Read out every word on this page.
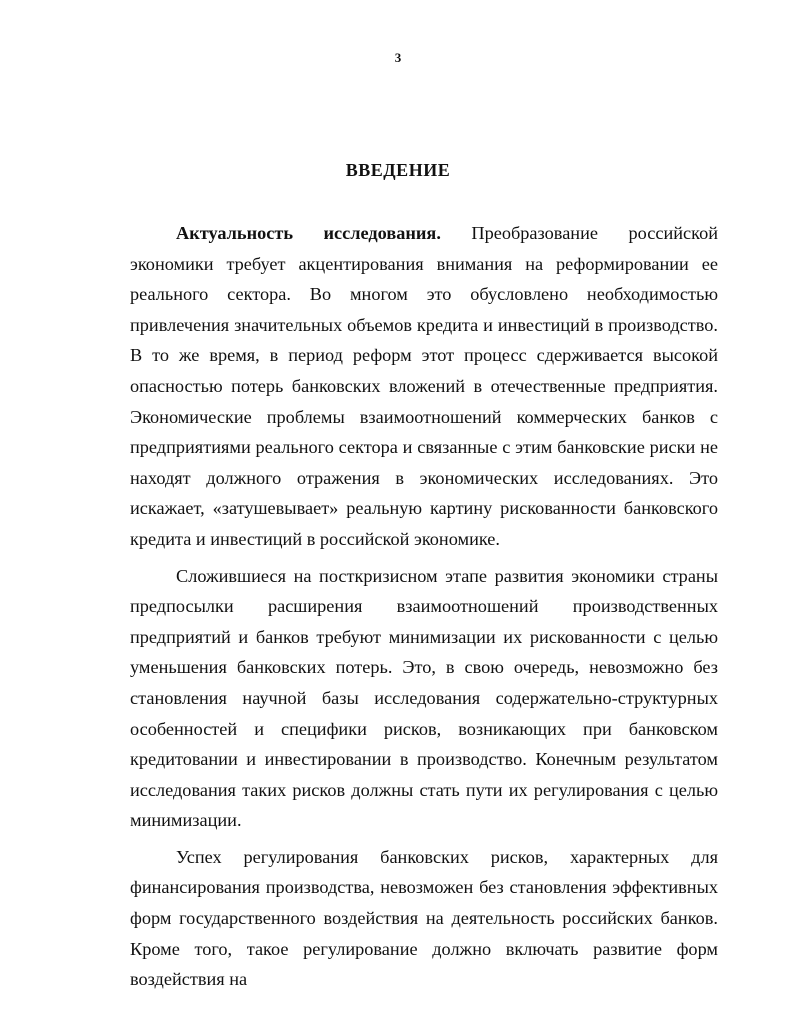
3
ВВЕДЕНИЕ

Актуальность исследования. Преобразование российской экономики требует акцентирования внимания на реформировании ее реального сектора. Во многом это обусловлено необходимостью привлечения значительных объемов кредита и инвестиций в производство. В то же время, в период реформ этот процесс сдерживается высокой опасностью потерь банковских вложений в отечественные предприятия. Экономические проблемы взаимоотношений коммерческих банков с предприятиями реального сектора и связанные с этим банковские риски не находят должного отражения в экономических исследованиях. Это искажает, «затушевывает» реальную картину рискованности банковского кредита и инвестиций в российской экономике.

Сложившиеся на посткризисном этапе развития экономики страны предпосылки расширения взаимоотношений производственных предприятий и банков требуют минимизации их рискованности с целью уменьшения банковских потерь. Это, в свою очередь, невозможно без становления научной базы исследования содержательно-структурных особенностей и специфики рисков, возникающих при банковском кредитовании и инвестировании в производство. Конечным результатом исследования таких рисков должны стать пути их регулирования с целью минимизации.

Успех регулирования банковских рисков, характерных для финансирования производства, невозможен без становления эффективных форм государственного воздействия на деятельность российских банков. Кроме того, такое регулирование должно включать развитие форм воздействия на
